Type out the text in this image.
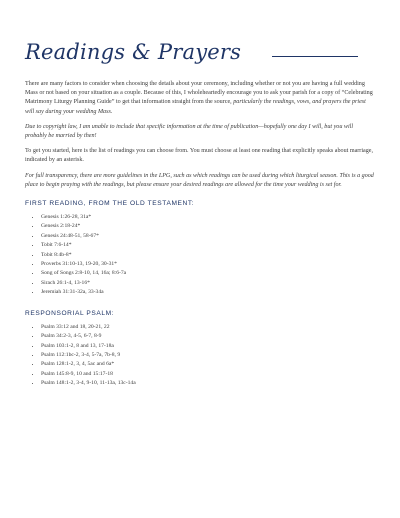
Readings & Prayers

There are many factors to consider when choosing the details about your ceremony, including whether or not you are having a full wedding Mass or not based on your situation as a couple. Because of this, I wholeheartedly encourage you to ask your parish for a copy of “Celebrating Matrimony Liturgy Planning Guide” to get that information straight from the source, particularly the readings, vows, and prayers the priest will say during your wedding Mass.

Due to copyright law, I am unable to include that specific information at the time of publication—hopefully one day I will, but you will probably be married by then!

To get you started, here is the list of readings you can choose from. You must choose at least one reading that explicitly speaks about marriage, indicated by an asterisk.

For full transparency, there are more guidelines in the LPG, such as which readings can be used during which liturgical season. This is a good place to begin praying with the readings, but please ensure your desired readings are allowed for the time your wedding is set for.

FIRST READING, FROM THE OLD TESTAMENT:
• Genesis 1:26-28, 31a*
• Genesis 2:18-24*
• Genesis 24:48-51, 58-67*
• Tobit 7:6-14*
• Tobit 8:4b-8*
• Proverbs 31:10-13, 19-20, 30-31*
• Song of Songs 2:8-10, 14, 16a; 8:6-7a
• Sirach 26:1-4, 13-16*
• Jeremiah 31:31-32a, 33-34a
RESPONSORIAL PSALM:
• Psalm 33:12 and 18, 20-21, 22
• Psalm 34:2-3, 4-5, 6-7, 8-9
• Psalm 103:1-2, 8 and 13, 17-18a
• Psalm 112:1bc-2, 3-4, 5-7a, 7b-8, 9
• Psalm 128:1-2, 3, 4, 5ac and 6a*
• Psalm 145:8-9, 10 and 15:17-18
• Psalm 148:1-2, 3-4, 9-10, 11-13a, 13c-14a
